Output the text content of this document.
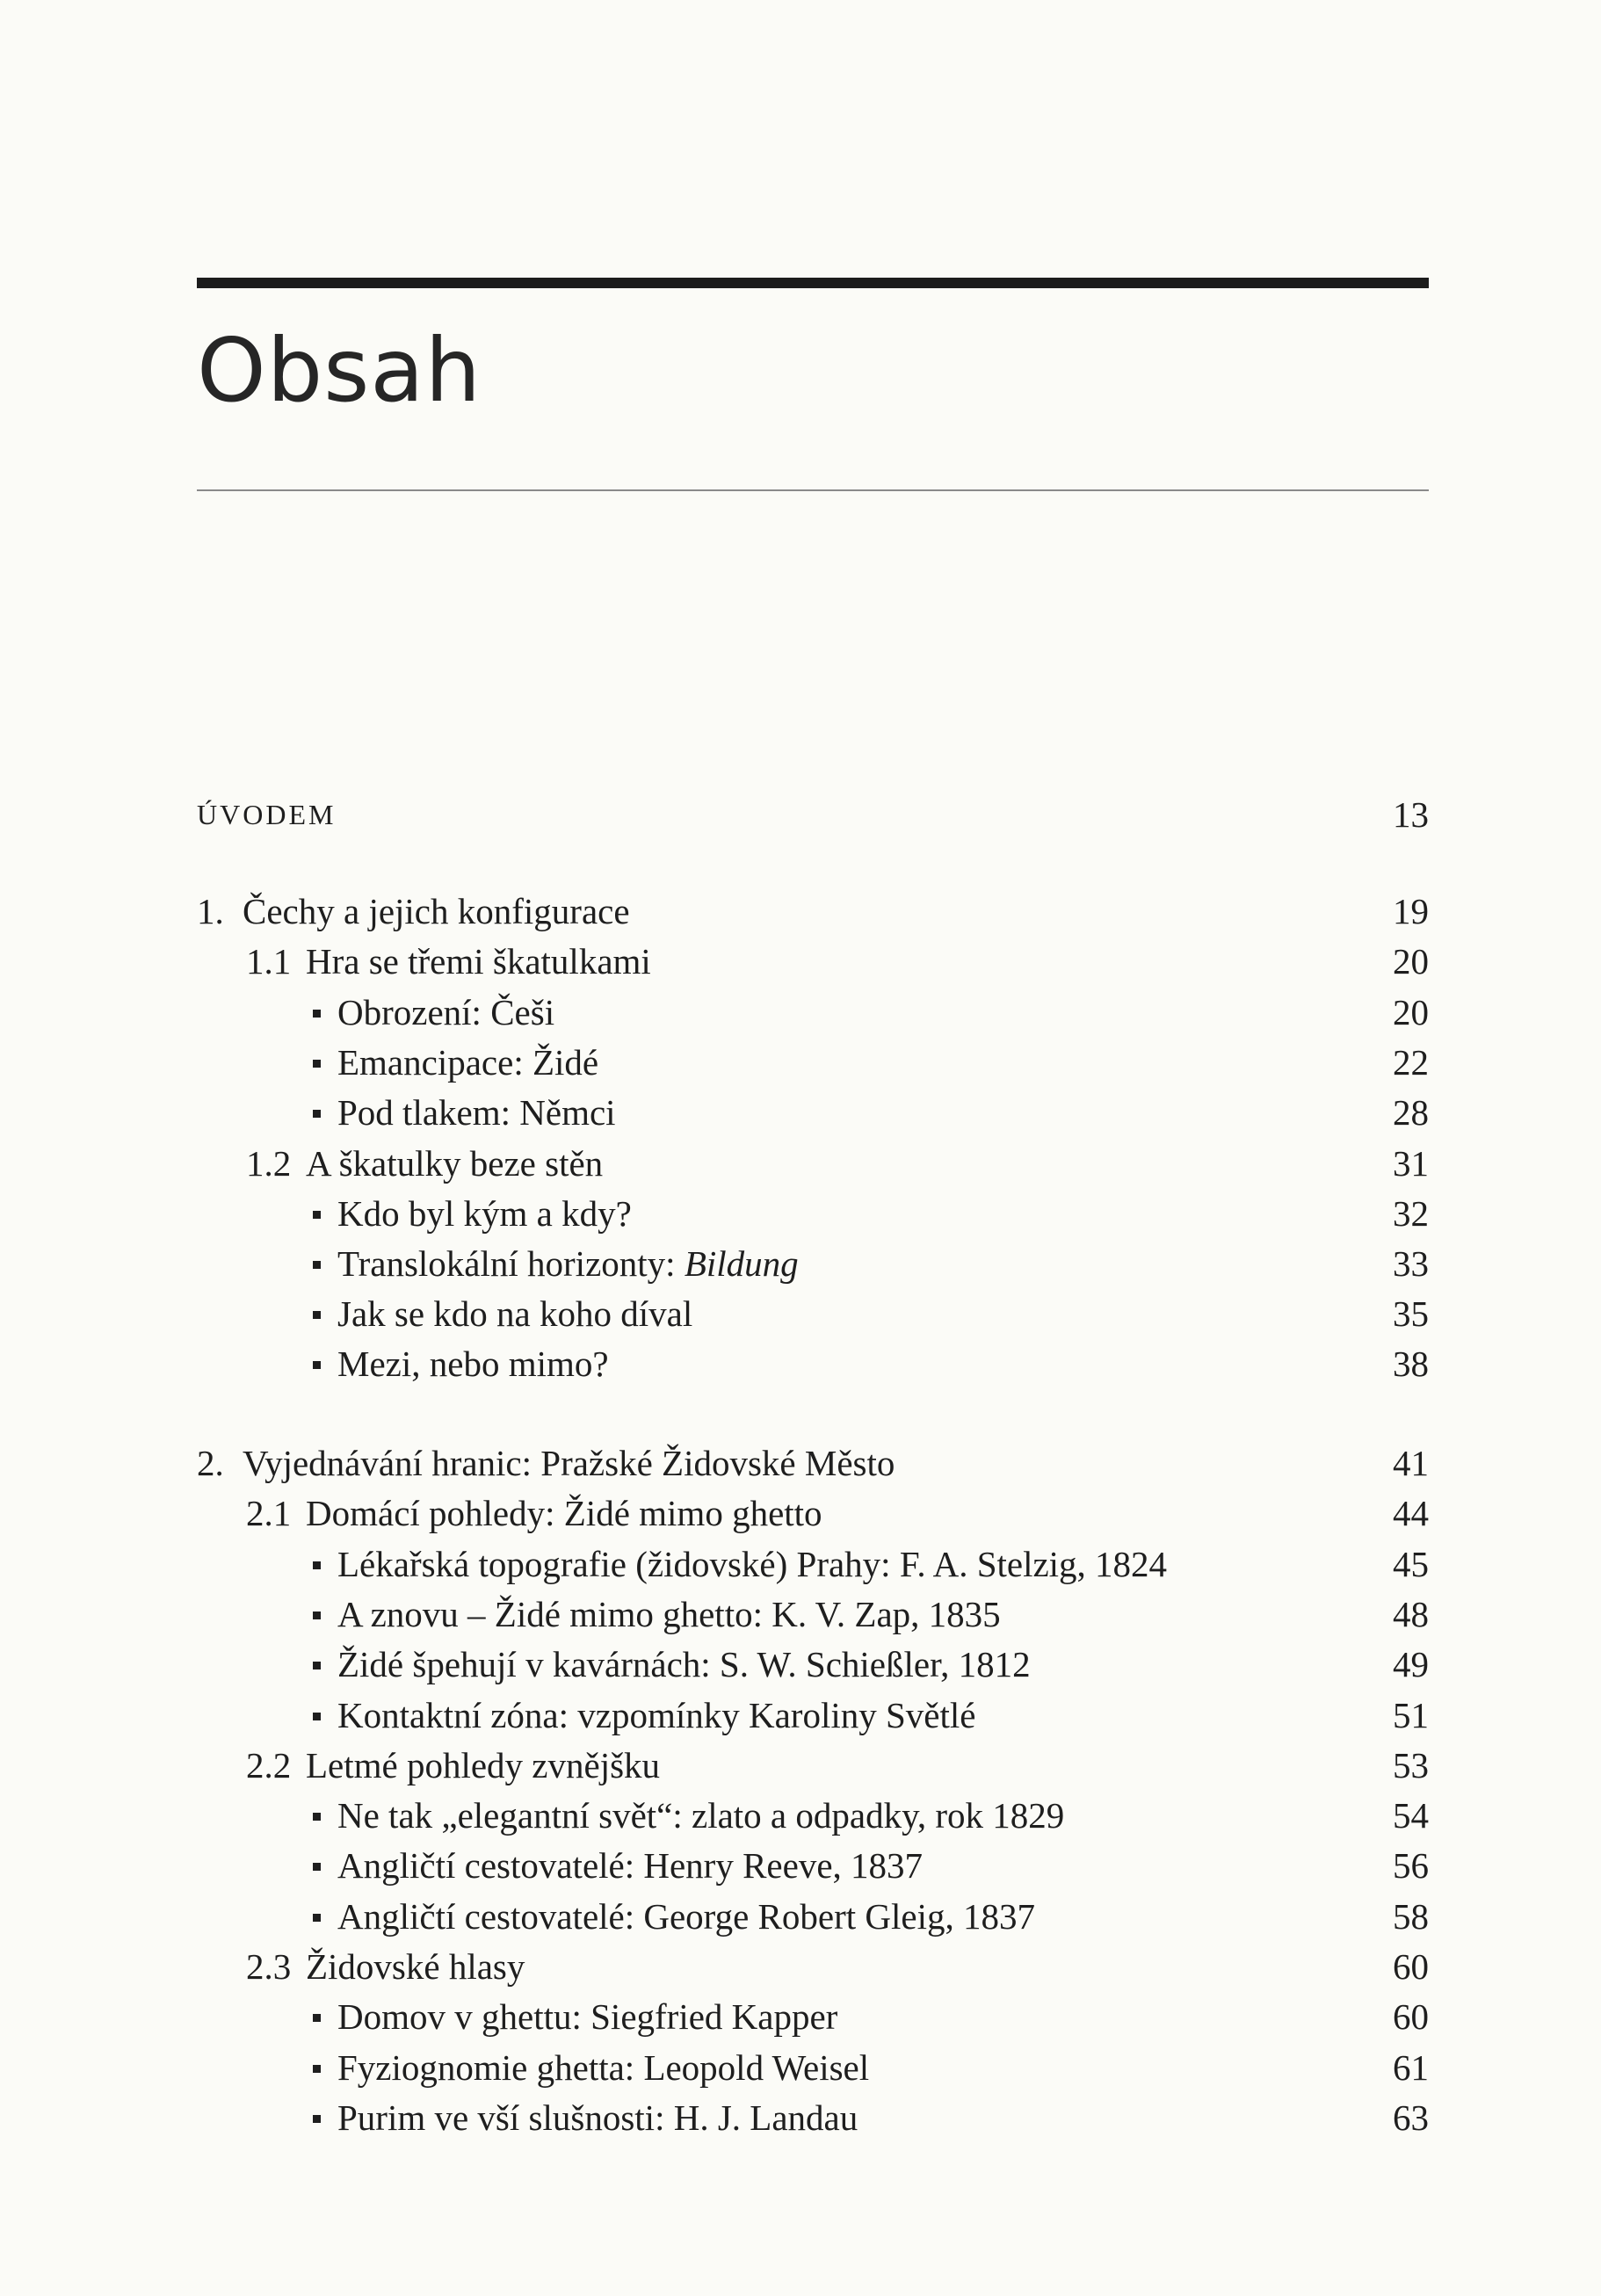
Obsah
ÚVODEM	13
1. Čechy a jejich konfigurace	19
1.1 Hra se třemi škatulkami	20
Obrození: Češi	20
Emancipace: Židé	22
Pod tlakem: Němci	28
1.2 A škatulky beze stěn	31
Kdo byl kým a kdy?	32
Translokální horizonty: Bildung	33
Jak se kdo na koho díval	35
Mezi, nebo mimo?	38
2. Vyjednávání hranic: Pražské Židovské Město	41
2.1 Domácí pohledy: Židé mimo ghetto	44
Lékařská topografie (židovské) Prahy: F. A. Stelzig, 1824	45
A znovu – Židé mimo ghetto: K. V. Zap, 1835	48
Židé špehují v kavárnách: S. W. Schießler, 1812	49
Kontaktní zóna: vzpomínky Karoliny Světlé	51
2.2 Letmé pohledy zvnějšku	53
Ne tak „elegantní svět“: zlato a odpadky, rok 1829	54
Angličtí cestovatelé: Henry Reeve, 1837	56
Angličtí cestovatelé: George Robert Gleig, 1837	58
2.3 Židovské hlasy	60
Domov v ghettu: Siegfried Kapper	60
Fyziognomie ghetta: Leopold Weisel	61
Purim ve vší slušnosti: H. J. Landau	63
